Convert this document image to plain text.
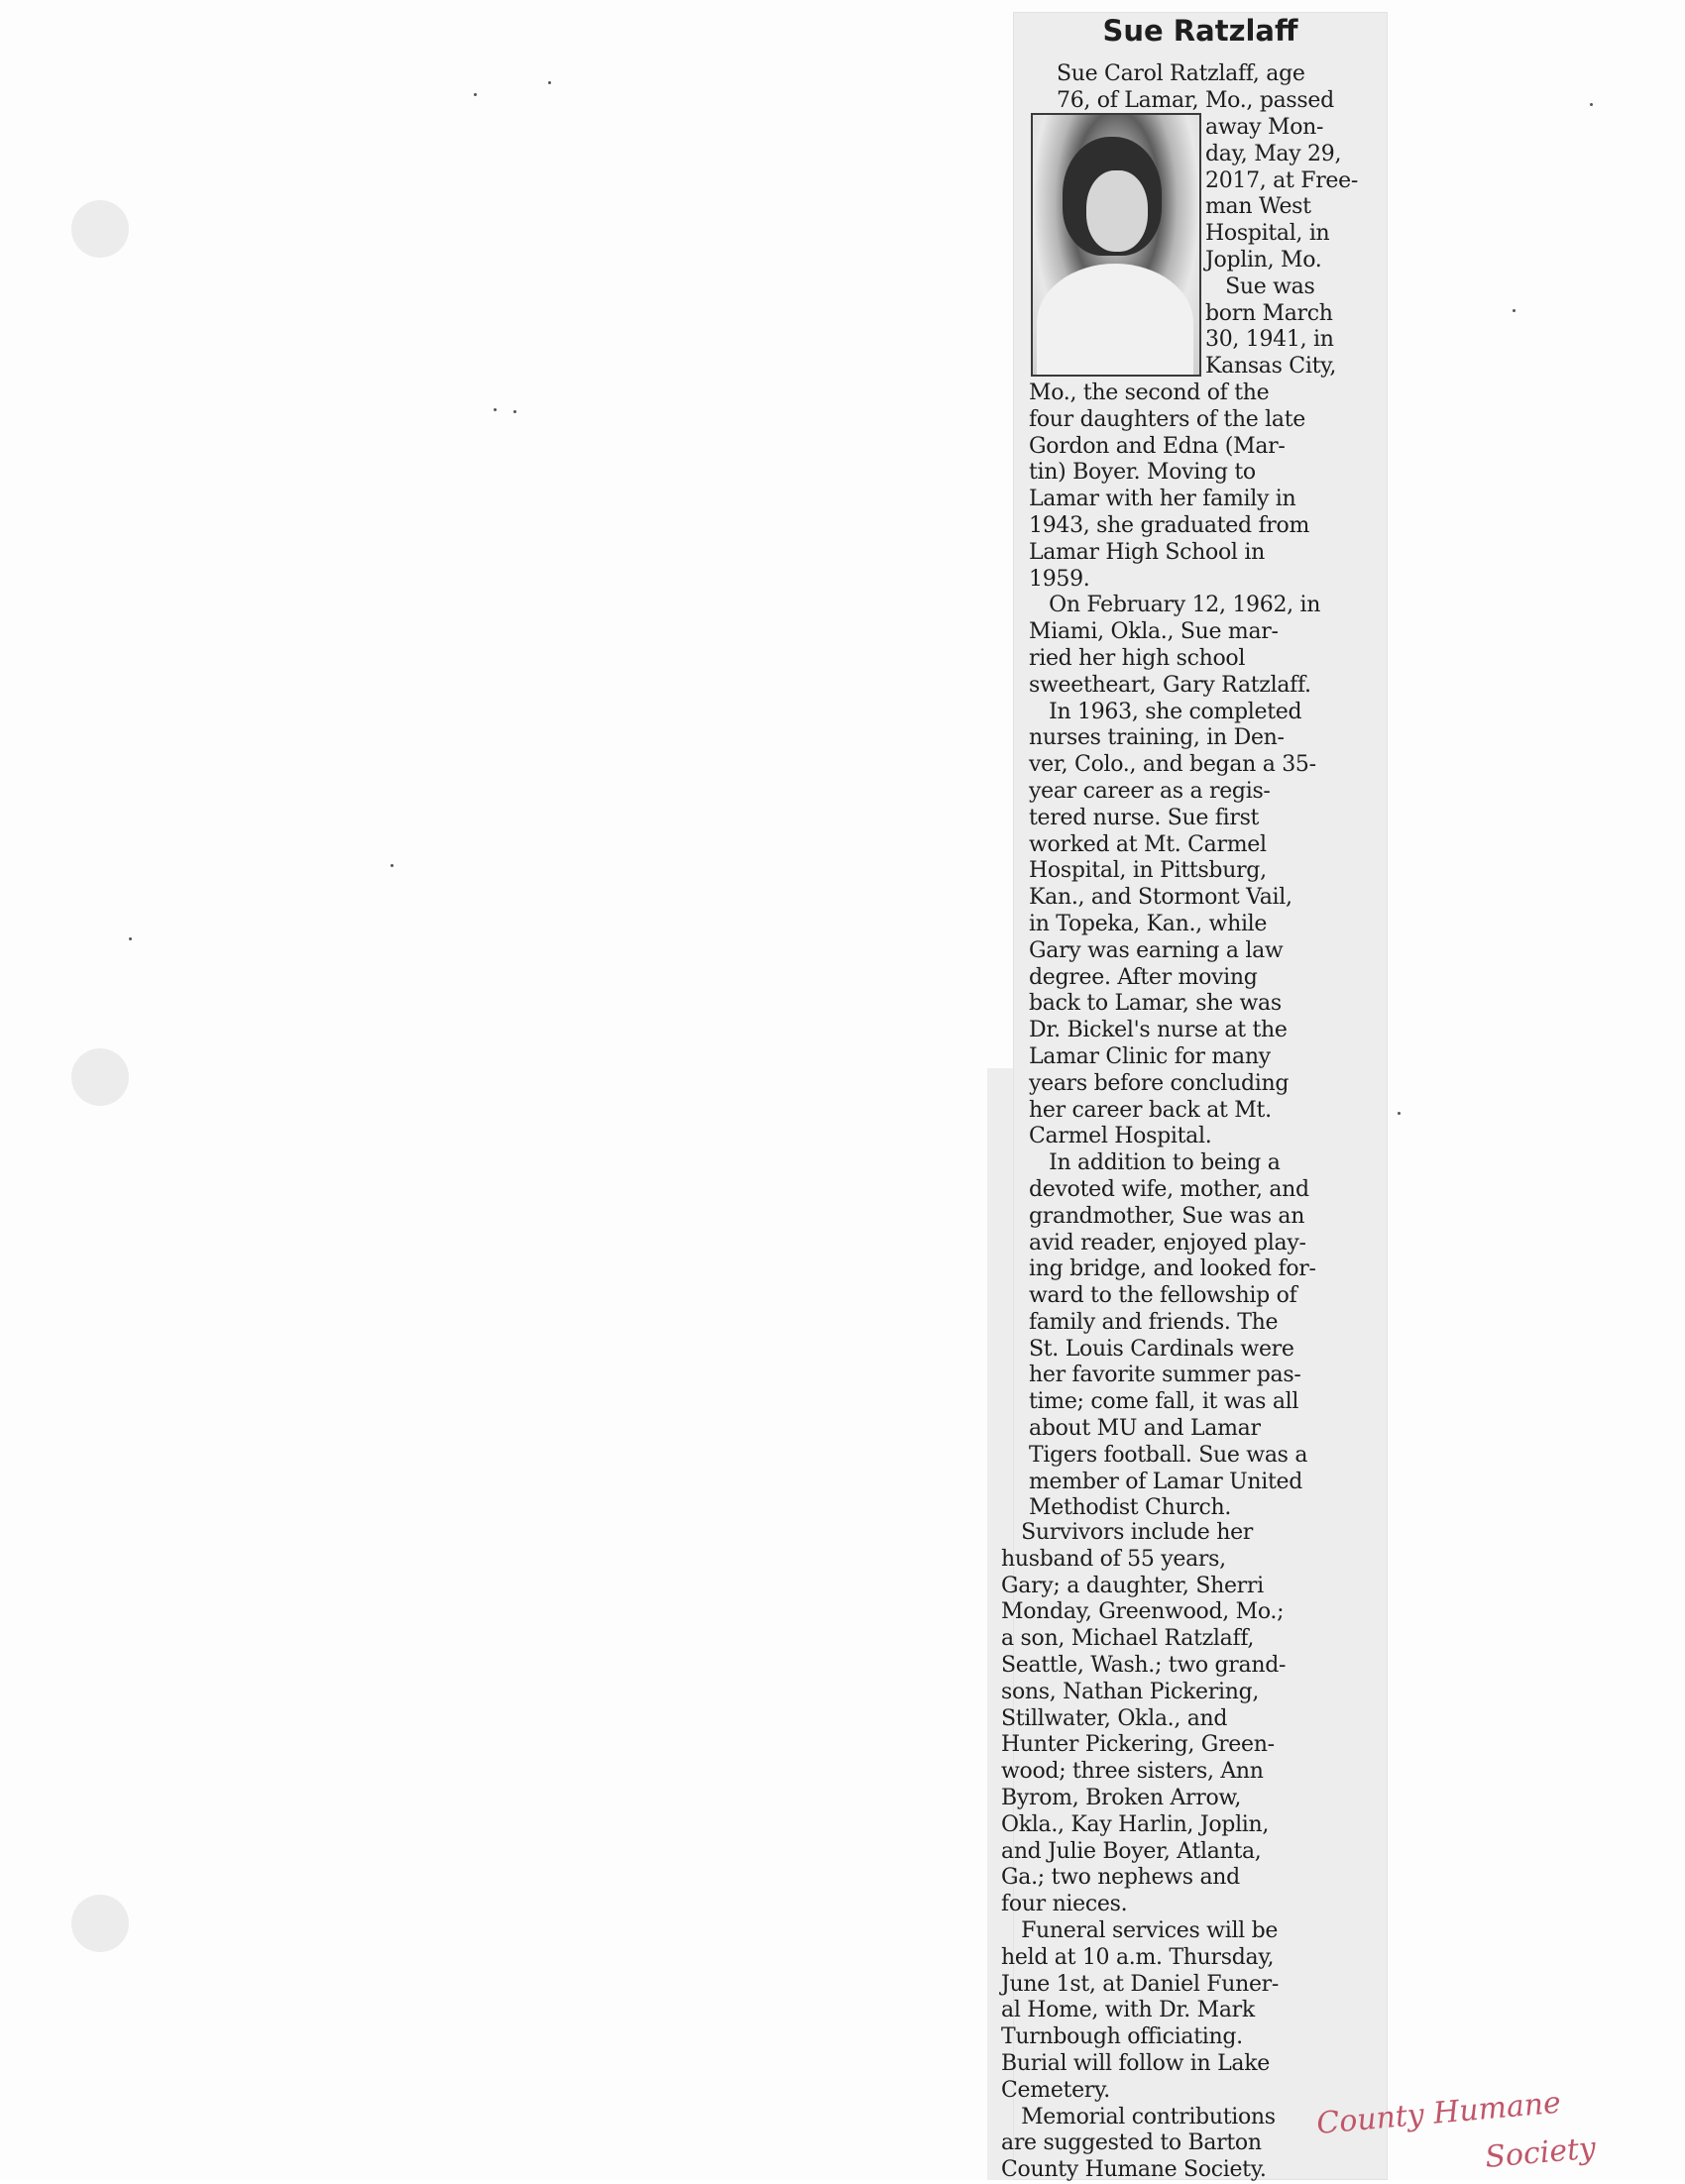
Sue Ratzlaff
Sue Carol Ratzlaff, age
76, of Lamar, Mo., passed
away Mon-
day, May 29,
2017, at Free-
man West
Hospital, in
Joplin, Mo.
Sue was
born March
30, 1941, in
Kansas City,
Mo., the second of the
four daughters of the late
Gordon and Edna (Mar-
tin) Boyer. Moving to
Lamar with her family in
1943, she graduated from
Lamar High School in
1959.
On February 12, 1962, in
Miami, Okla., Sue mar-
ried her high school
sweetheart, Gary Ratzlaff.
In 1963, she completed
nurses training, in Den-
ver, Colo., and began a 35-
year career as a regis-
tered nurse. Sue first
worked at Mt. Carmel
Hospital, in Pittsburg,
Kan., and Stormont Vail,
in Topeka, Kan., while
Gary was earning a law
degree. After moving
back to Lamar, she was
Dr. Bickel's nurse at the
Lamar Clinic for many
years before concluding
her career back at Mt.
Carmel Hospital.
In addition to being a
devoted wife, mother, and
grandmother, Sue was an
avid reader, enjoyed play-
ing bridge, and looked for-
ward to the fellowship of
family and friends. The
St. Louis Cardinals were
her favorite summer pas-
time; come fall, it was all
about MU and Lamar
Tigers football. Sue was a
member of Lamar United
Methodist Church.
Survivors include her
husband of 55 years,
Gary; a daughter, Sherri
Monday, Greenwood, Mo.;
a son, Michael Ratzlaff,
Seattle, Wash.; two grand-
sons, Nathan Pickering,
Stillwater, Okla., and
Hunter Pickering, Green-
wood; three sisters, Ann
Byrom, Broken Arrow,
Okla., Kay Harlin, Joplin,
and Julie Boyer, Atlanta,
Ga.; two nephews and
four nieces.
Funeral services will be
held at 10 a.m. Thursday,
June 1st, at Daniel Funer-
al Home, with Dr. Mark
Turnbough officiating.
Burial will follow in Lake
Cemetery.
Memorial contributions
are suggested to Barton
County Humane Society.
County Humane
Society
